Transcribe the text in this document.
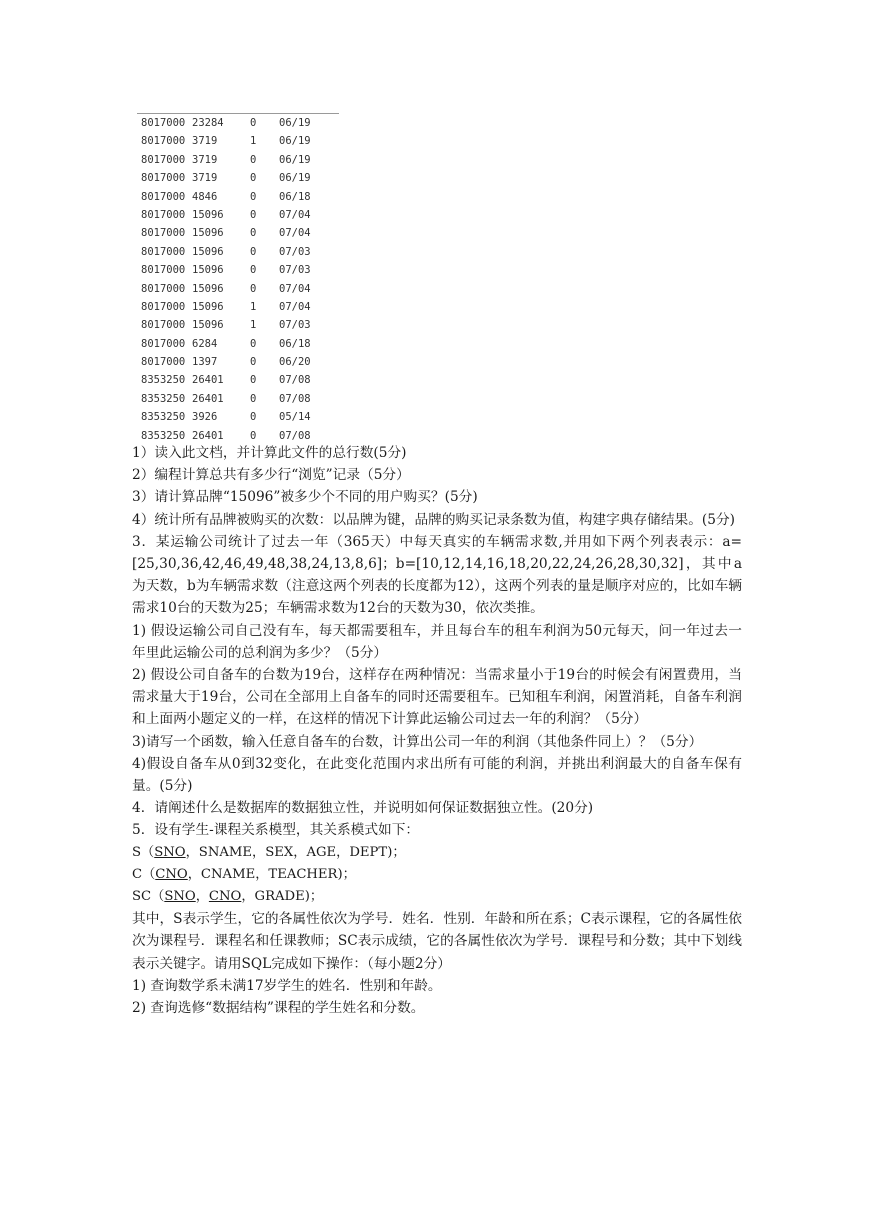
8017000 23284	0	06/19
8017000 3719	1	06/19
8017000 3719	0	06/19
8017000 3719	0	06/19
8017000 4846	0	06/18
8017000 15096	0	07/04
8017000 15096	0	07/04
8017000 15096	0	07/03
8017000 15096	0	07/03
8017000 15096	0	07/04
8017000 15096	1	07/04
8017000 15096	1	07/03
8017000 6284	0	06/18
8017000 1397	0	06/20
8353250 26401	0	07/08
8353250 26401	0	07/08
8353250 3926	0	05/14
8353250 26401	0	07/08

1）读入此文档，并计算此文件的总行数(5分)

2）编程计算总共有多少行“浏览”记录（5分）

3）请计算品牌“15096”被多少个不同的用户购买？(5分)

4）统计所有品牌被购买的次数：以品牌为键，品牌的购买记录条数为值，构建字典存储结果。(5分)

3．某运输公司统计了过去一年（365天）中每天真实的车辆需求数,并用如下两个列表表示：a=[25,30,36,42,46,49,48,38,24,13,8,6]；b=[10,12,14,16,18,20,22,24,26,28,30,32]，其中a为天数，b为车辆需求数（注意这两个列表的长度都为12），这两个列表的量是顺序对应的，比如车辆需求10台的天数为25；车辆需求数为12台的天数为30，依次类推。

1) 假设运输公司自己没有车，每天都需要租车，并且每台车的租车利润为50元每天，问一年过去一年里此运输公司的总利润为多少？（5分）

2) 假设公司自备车的台数为19台，这样存在两种情况：当需求量小于19台的时候会有闲置费用，当需求量大于19台，公司在全部用上自备车的同时还需要租车。已知租车利润，闲置消耗，自备车利润和上面两小题定义的一样，在这样的情况下计算此运输公司过去一年的利润？（5分）

3)请写一个函数，输入任意自备车的台数，计算出公司一年的利润（其他条件同上）？（5分）

4)假设自备车从0到32变化，在此变化范围内求出所有可能的利润，并挑出利润最大的自备车保有量。(5分)

4．请阐述什么是数据库的数据独立性，并说明如何保证数据独立性。(20分)

5．设有学生-课程关系模型，其关系模式如下：

S（SNO，SNAME，SEX，AGE，DEPT)；

C（CNO，CNAME，TEACHER)；

SC（SNO，CNO，GRADE)；

其中，S表示学生，它的各属性依次为学号．姓名．性别．年龄和所在系；C表示课程，它的各属性依次为课程号．课程名和任课教师；SC表示成绩，它的各属性依次为学号．课程号和分数；其中下划线表示关键字。请用SQL完成如下操作：（每小题2分）

1) 查询数学系未满17岁学生的姓名．性别和年龄。

2) 查询选修“数据结构”课程的学生姓名和分数。
